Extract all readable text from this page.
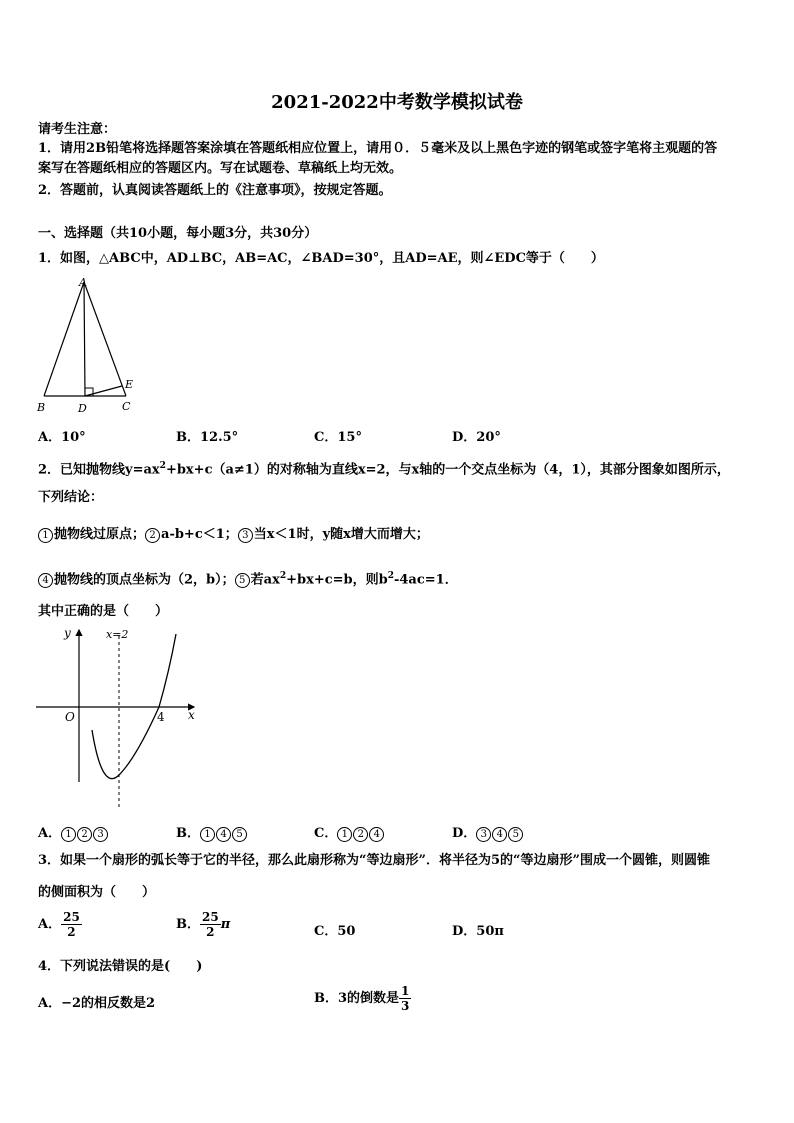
2021-2022中考数学模拟试卷
请考生注意：
1．请用2B铅笔将选择题答案涂填在答题纸相应位置上，请用０．５毫米及以上黑色字迹的钢笔或签字笔将主观题的答
案写在答题纸相应的答题区内。写在试题卷、草稿纸上均无效。
2．答题前，认真阅读答题纸上的《注意事项》，按规定答题。
一、选择题（共10小题，每小题3分，共30分）
1．如图，△ABC中，AD⊥BC，AB=AC，∠BAD=30°，且AD=AE，则∠EDC等于（　　）
A
B	D	C
E
A．10°	B．12.5°	C．15°	D．20°
2．已知抛物线$y=ax^2+bx+c(a\ne 1)$的对称轴为直线x=2，与x轴的一个交点坐标为（4，1），其部分图象如图所示，
下列结论：
1 抛物线过原点； 2 a-b+c＜1； 3 当x＜1时，y随x增大而增大；
4 抛物线的顶点坐标为（2，b）； 5 若$ax^2+bx+c=b$，则$b^2-4ac=1$．
其中正确的是（　　）
y	x=2
O	4 x
A． 1 2 3	B． 1 4 5	C． 1 2 4	D． 3 4 5
3．如果一个扇形的弧长等于它的半径，那么此扇形称为“等边扇形”．将半径为5的“等边扇形”围成一个圆锥，则圆锥
的侧面积为（　　）
A． $\frac{25}{2}$	B． $\frac{25}{2}$ π	C．50	D．50π
4．下列说法错误的是(　　)
A．−2的相反数是2	B．3的倒数是 $\frac{1}{3}$
